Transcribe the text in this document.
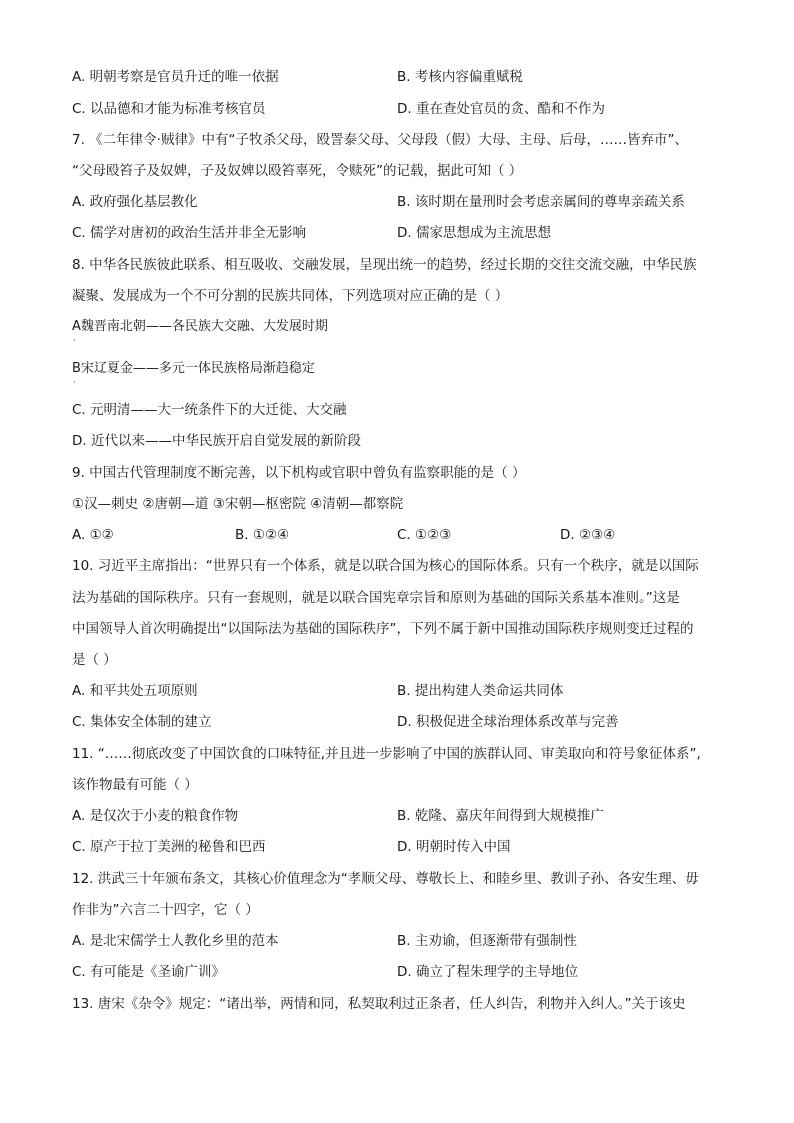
A. 明朝考察是官员升迁的唯一依据	B. 考核内容偏重赋税
C. 以品德和才能为标准考核官员	D. 重在查处官员的贪、酷和不作为
7. 《二年律令·贼律》中有“子牧杀父母，殴詈泰父母、父母段（假）大母、主母、后母，……皆弃市”、
“父母殴笞子及奴婢，子及奴婢以殴笞辜死，令赎死”的记载，据此可知（ ）
A. 政府强化基层教化	B. 该时期在量刑时会考虑亲属间的尊卑亲疏关系
C. 儒学对唐初的政治生活并非全无影响	D. 儒家思想成为主流思想
8. 中华各民族彼此联系、相互吸收、交融发展，呈现出统一的趋势，经过长期的交往交流交融，中华民族
凝聚、发展成为一个不可分割的民族共同体，下列选项对应正确的是（ ）
A魏晋南北朝——各民族大交融、大发展时期
·
B宋辽夏金——多元一体民族格局渐趋稳定
·
C. 元明清——大一统条件下的大迁徙、大交融
D. 近代以来——中华民族开启自觉发展的新阶段
9. 中国古代管理制度不断完善，以下机构或官职中曾负有监察职能的是（ ）
①汉—刺史 ②唐朝—道 ③宋朝—枢密院 ④清朝—都察院
A. ①②	B. ①②④	C. ①②③	D. ②③④
10. 习近平主席指出：“世界只有一个体系，就是以联合国为核心的国际体系。只有一个秩序，就是以国际
法为基础的国际秩序。只有一套规则，就是以联合国宪章宗旨和原则为基础的国际关系基本准则。”这是
中国领导人首次明确提出“以国际法为基础的国际秩序”，下列不属于新中国推动国际秩序规则变迁过程的
是（ ）
A. 和平共处五项原则	B. 提出构建人类命运共同体
C. 集体安全体制的建立	D. 积极促进全球治理体系改革与完善
11. “……彻底改变了中国饮食的口味特征,并且进一步影响了中国的族群认同、审美取向和符号象征体系”,
该作物最有可能（ ）
A. 是仅次于小麦的粮食作物	B. 乾隆、嘉庆年间得到大规模推广
C. 原产于拉丁美洲的秘鲁和巴西	D. 明朝时传入中国
12. 洪武三十年颁布条文，其核心价值理念为“孝顺父母、尊敬长上、和睦乡里、教训子孙、各安生理、毋
作非为”六言二十四字，它（ ）
A. 是北宋儒学士人教化乡里的范本	B. 主劝谕，但逐渐带有强制性
C. 有可能是《圣谕广训》	D. 确立了程朱理学的主导地位
13. 唐宋《杂令》规定：“诸出举，两情和同，私契取利过正条者，任人纠告，利物并入纠人。”关于该史
